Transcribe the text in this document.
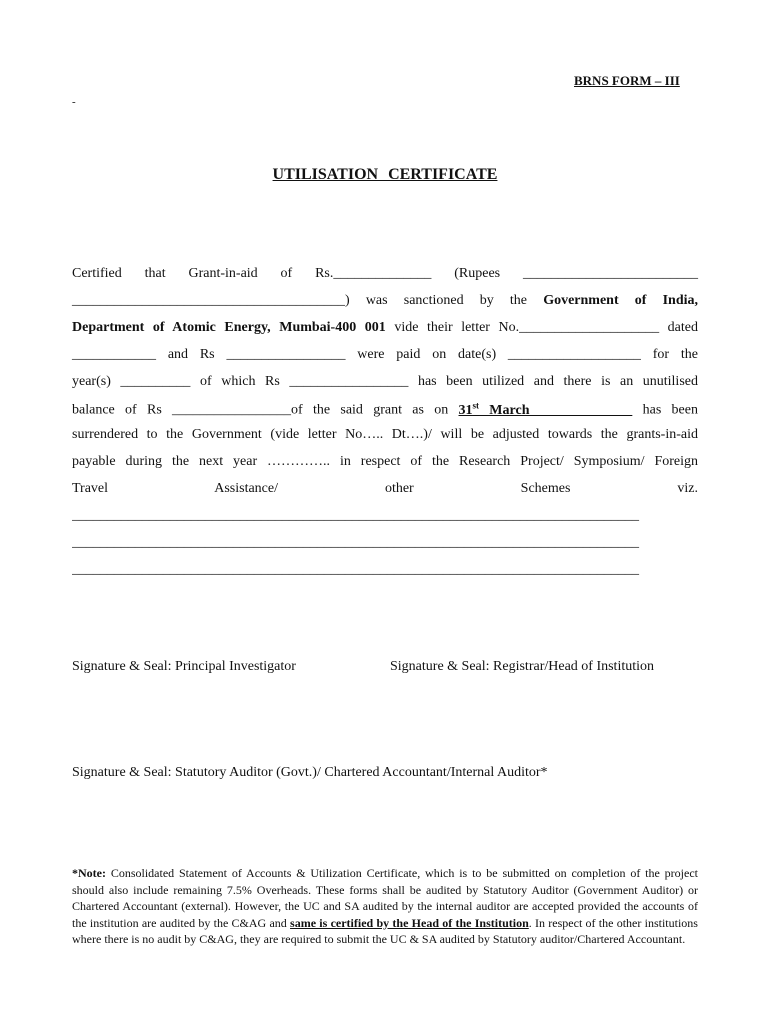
BRNS FORM – III
-
UTILISATION CERTIFICATE
Certified that Grant-in-aid of Rs.______________ (Rupees _________________________
_______________________________________) was sanctioned by the Government of India,
Department of Atomic Energy, Mumbai-400 001 vide their letter No.____________________ dated
____________ and Rs _________________ were paid on date(s) ___________________ for the
year(s) __________ of which Rs _________________ has been utilized and there is an unutilised
balance of Rs _________________of the said grant as on 31st March           has been
surrendered to the Government (vide letter No….. Dt….)/ will be adjusted towards the grants-in-aid
payable during the next year ………….. in respect of the Research Project/ Symposium/ Foreign
Travel Assistance/ other Schemes viz.
_________________________________________________________________________________
_________________________________________________________________________________
_________________________________________________________________________________
Signature & Seal: Principal Investigator	Signature & Seal: Registrar/Head of Institution
Signature & Seal: Statutory Auditor (Govt.)/ Chartered Accountant/Internal Auditor*
*Note: Consolidated Statement of Accounts & Utilization Certificate, which is to be submitted on completion of the project should also include remaining 7.5% Overheads. These forms shall be audited by Statutory Auditor (Government Auditor) or Chartered Accountant (external). However, the UC and SA audited by the internal auditor are accepted provided the accounts of the institution are audited by the C&AG and same is certified by the Head of the Institution. In respect of the other institutions where there is no audit by C&AG, they are required to submit the UC & SA audited by Statutory auditor/Chartered Accountant.
